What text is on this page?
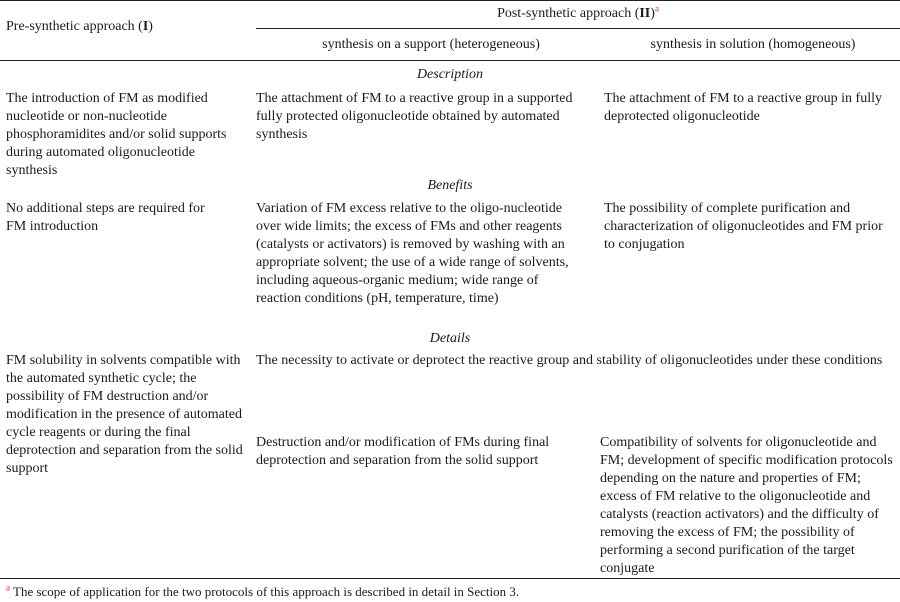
Pre-synthetic approach (I)
Post-synthetic approach (II)$^a$
synthesis on a support (heterogeneous)	synthesis in solution (homogeneous)
Description
The introduction of FM as modified nucleotide or non-nucleotide phosphoramidites and/or solid supports during automated oligonucleotide synthesis
The attachment of FM to a reactive group in a supported fully protected oligonucleotide obtained by automated synthesis
The attachment of FM to a reactive group in fully deprotected oligonucleotide
Benefits
No additional steps are required for FM introduction
Variation of FM excess relative to the oligo-nucleotide over wide limits; the excess of FMs and other reagents (catalysts or activators) is removed by washing with an appropriate solvent; the use of a wide range of solvents, including aqueous-organic medium; wide range of reaction conditions (pH, temperature, time)
The possibility of complete purification and characterization of oligonucleotides and FM prior to conjugation
Details
FM solubility in solvents compatible with the automated synthetic cycle; the possibility of FM destruction and/or modification in the presence of automated cycle reagents or during the final deprotection and separation from the solid support
The necessity to activate or deprotect the reactive group and stability of oligonucleotides under these conditions
Destruction and/or modification of FMs during final deprotection and separation from the solid support
Compatibility of solvents for oligonucleotide and FM; development of specific modification protocols depending on the nature and properties of FM; excess of FM relative to the oligonucleotide and catalysts (reaction activators) and the difficulty of removing the excess of FM; the possibility of performing a second purification of the target conjugate
$^a$ The scope of application for the two protocols of this approach is described in detail in Section 3.
